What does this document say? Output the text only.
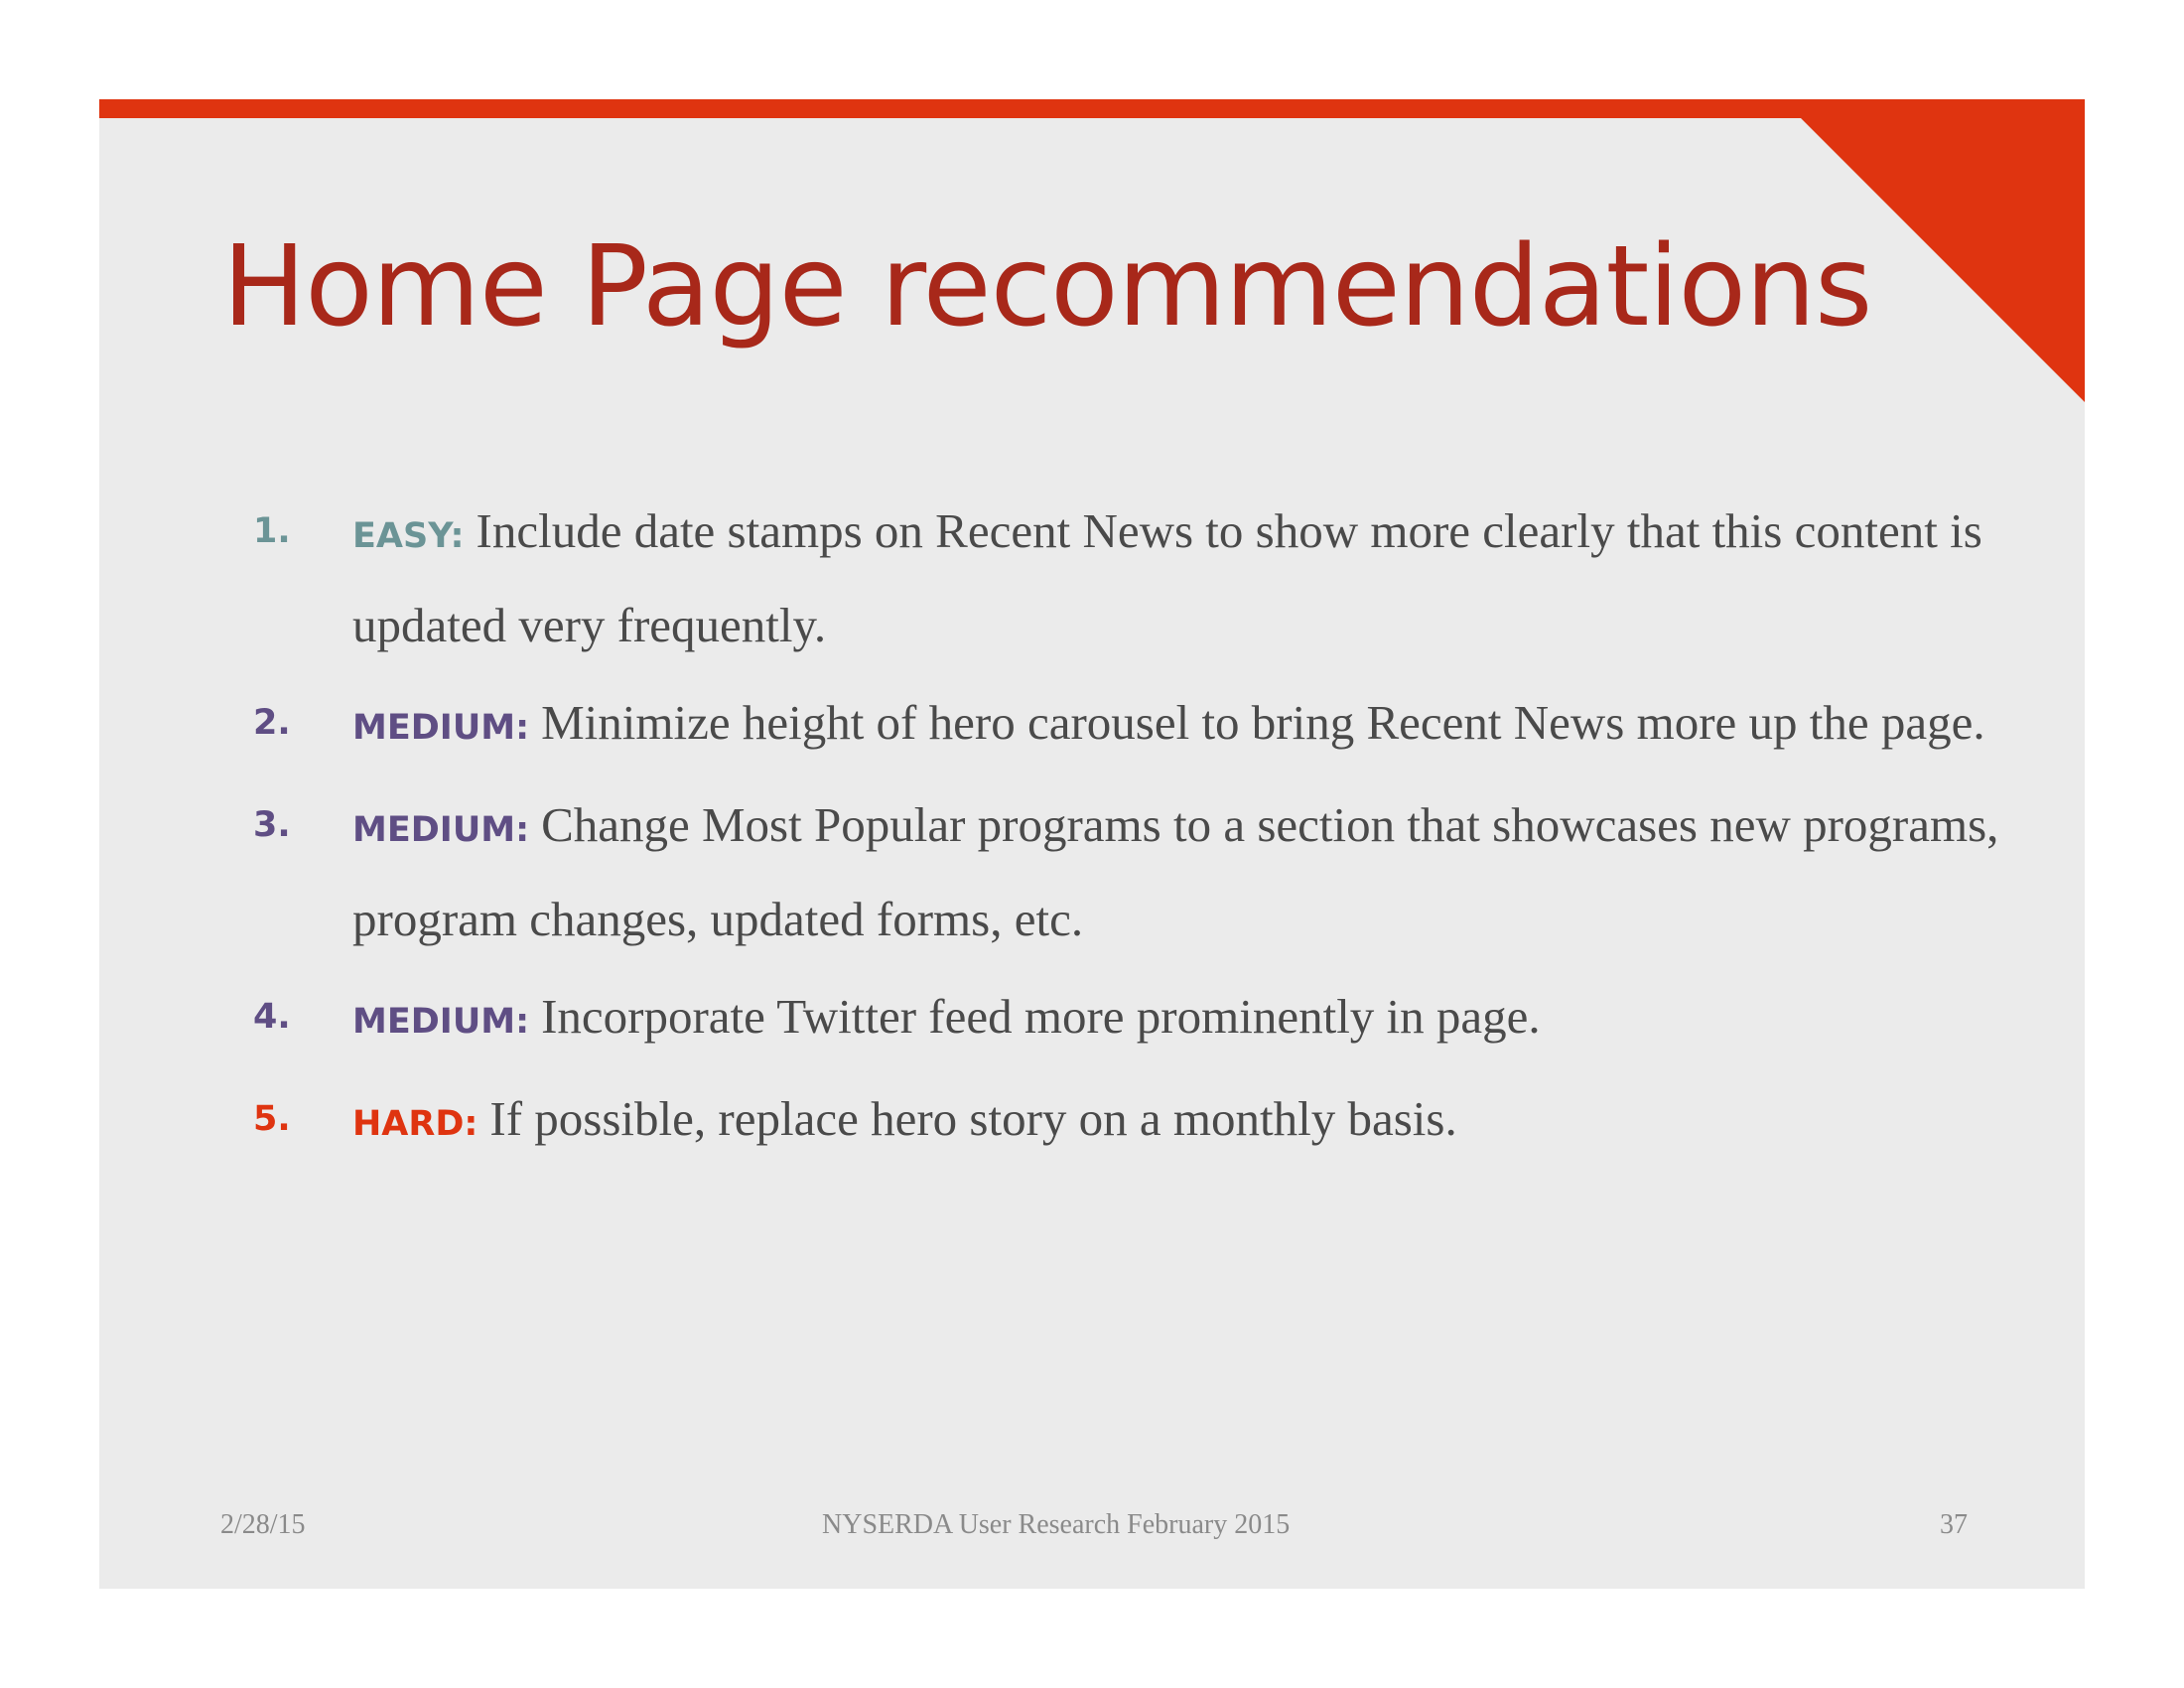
Home Page recommendations
1.	EASY: Include date stamps on Recent News to show more clearly that this content is updated very frequently.
2.	MEDIUM: Minimize height of hero carousel to bring Recent News more up the page.
3.	MEDIUM: Change Most Popular programs to a section that showcases new programs, program changes, updated forms, etc.
4.	MEDIUM: Incorporate Twitter feed more prominently in page.
5.	HARD: If possible, replace hero story on a monthly basis.
2/28/15	NYSERDA User Research February 2015	37
